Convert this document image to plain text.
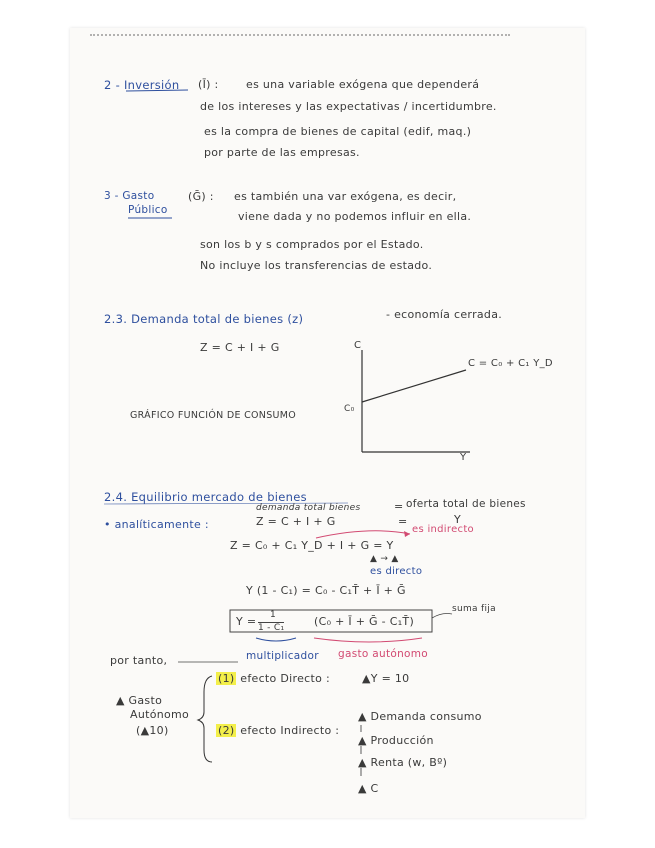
2 - Inversión (Ī) : es una variable exógena que dependerá
de los intereses y las expectativas / incertidumbre.
es la compra de bienes de capital (edif, maq.)
por parte de las empresas.
3 - Gasto
Público
(Ḡ) : es también una var exógena, es decir,
viene dada y no podemos influir en ella.
son los b y s comprados por el Estado.
No incluye los transferencias de estado.
2.3. Demanda total de bienes (z)	- economía cerrada.
Z = C + I + G	C
C = C₀ + C₁ Y_D
C₀
GRÁFICO FUNCIÓN DE CONSUMO
Y
2.4. Equilibrio mercado de bienes
demanda total bienes	= oferta total de bienes
• analíticamente :	Z = C + I + G	=	Y
es indirecto
Z = C₀ + C₁ Y_D + I + G = Y
▲ → ▲
es directo
Y (1 - C₁) = C₀ - C₁T̄ + Ī + Ḡ
Y = 1
1 - C₁	(C₀ + Ī + Ḡ - C₁T̄)
suma fija
por tanto,	multiplicador gasto autónomo
▲ Gasto
Autónomo
(▲10)
(1) efecto Directo :	▲Y = 10
(2) efecto Indirecto :
▲ Demanda consumo
▲ Producción
▲ Renta (w, Bº)
▲ C
